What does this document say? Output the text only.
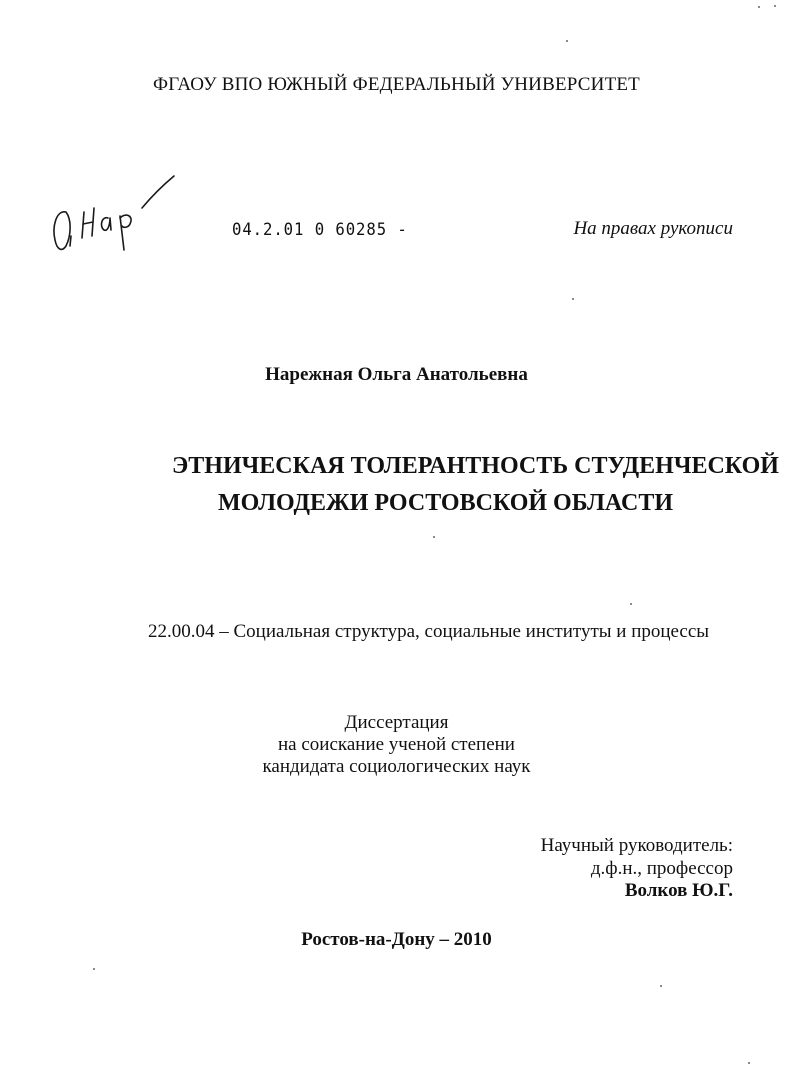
ФГАОУ ВПО ЮЖНЫЙ ФЕДЕРАЛЬНЫЙ УНИВЕРСИТЕТ
04.2.01 0 60285 -	На правах рукописи
Нарежная Ольга Анатольевна
ЭТНИЧЕСКАЯ ТОЛЕРАНТНОСТЬ СТУДЕНЧЕСКОЙ
МОЛОДЕЖИ РОСТОВСКОЙ ОБЛАСТИ
22.00.04 – Социальная структура, социальные институты и процессы
Диссертация
на соискание ученой степени
кандидата социологических наук
Научный руководитель:
д.ф.н., профессор
Волков Ю.Г.
Ростов-на-Дону – 2010
